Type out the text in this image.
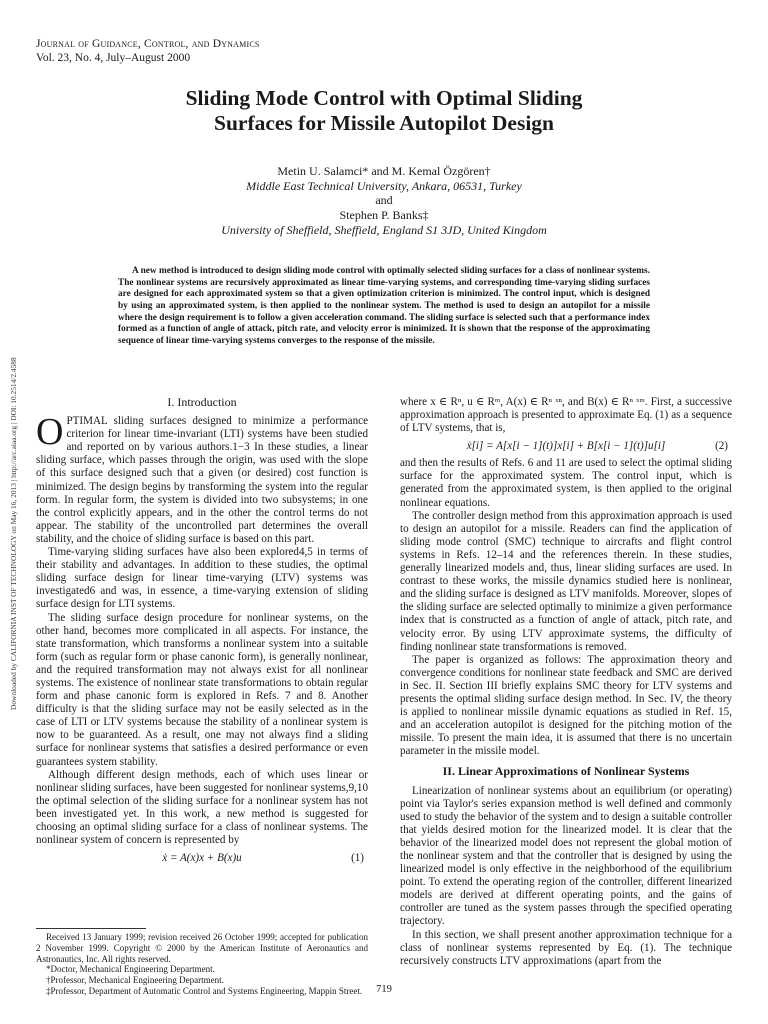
Journal of Guidance, Control, and Dynamics
Vol. 23, No. 4, July–August 2000
Sliding Mode Control with Optimal Sliding
Surfaces for Missile Autopilot Design
Metin U. Salamci* and M. Kemal Özgören†
Middle East Technical University, Ankara, 06531, Turkey
and
Stephen P. Banks‡
University of Sheffield, Sheffield, England S1 3JD, United Kingdom
A new method is introduced to design sliding mode control with optimally selected sliding surfaces for a class of nonlinear systems. The nonlinear systems are recursively approximated as linear time-varying systems, and corresponding time-varying sliding surfaces are designed for each approximated system so that a given optimization criterion is minimized. The control input, which is designed by using an approximated system, is then applied to the nonlinear system. The method is used to design an autopilot for a missile where the design requirement is to follow a given acceleration command. The sliding surface is selected such that a performance index formed as a function of angle of attack, pitch rate, and velocity error is minimized. It is shown that the response of the approximating sequence of linear time-varying systems converges to the response of the missile.
Downloaded by CALIFORNIA INST OF TECHNOLOGY on May 16, 2013 | http://arc.aiaa.org | DOI: 10.2514/2.4588	I. Introduction

OPTIMAL sliding surfaces designed to minimize a performance criterion for linear time-invariant (LTI) systems have been studied and reported on by various authors.1−3 In these studies, a linear sliding surface, which passes through the origin, was used with the slope of this surface designed such that a given (or desired) cost function is minimized. The design begins by transforming the system into the regular form. In regular form, the system is divided into two subsystems; in one the control explicitly appears, and in the other the control terms do not appear. The stability of the uncontrolled part determines the overall stability, and the choice of sliding surface is based on this part.

Time-varying sliding surfaces have also been explored4,5 in terms of their stability and advantages. In addition to these studies, the optimal sliding surface design for linear time-varying (LTV) systems was investigated6 and was, in essence, a time-varying extension of sliding surface design for LTI systems.

The sliding surface design procedure for nonlinear systems, on the other hand, becomes more complicated in all aspects. For instance, the state transformation, which transforms a nonlinear system into a suitable form (such as regular form or phase canonic form), is generally nonlinear, and the required transformation may not always exist for all nonlinear systems. The existence of nonlinear state transformations to obtain regular form and phase canonic form is explored in Refs. 7 and 8. Another difficulty is that the sliding surface may not be easily selected as in the case of LTI or LTV systems because the stability of a nonlinear system is now to be guaranteed. As a result, one may not always find a sliding surface for nonlinear systems that satisfies a desired performance or even guarantees system stability.

Although different design methods, each of which uses linear or nonlinear sliding surfaces, have been suggested for nonlinear systems,9,10 the optimal selection of the sliding surface for a nonlinear system has not been investigated yet. In this work, a new method is suggested for choosing an optimal sliding surface for a class of nonlinear systems. The nonlinear system of concern is represented by

ẋ = A(x)x + B(x)u	(1)

where x ∈ Rⁿ, u ∈ Rᵐ, A(x) ∈ Rⁿ ˣⁿ, and B(x) ∈ Rⁿ ˣᵐ. First, a successive approximation approach is presented to approximate Eq. (1) as a sequence of LTV systems, that is,

ẋ[i] = A[x[i − 1](t)]x[i] + B[x[i − 1](t)]u[i]	(2)

and then the results of Refs. 6 and 11 are used to select the optimal sliding surface for the approximated system. The control input, which is generated from the approximated system, is then applied to the original nonlinear equations.

The controller design method from this approximation approach is used to design an autopilot for a missile. Readers can find the application of sliding mode control (SMC) technique to aircrafts and flight control systems in Refs. 12–14 and the references therein. In these studies, generally linearized models and, thus, linear sliding surfaces are used. In contrast to these works, the missile dynamics studied here is nonlinear, and the sliding surface is designed as LTV manifolds. Moreover, slopes of the sliding surface are selected optimally to minimize a given performance index that is constructed as a function of angle of attack, pitch rate, and velocity error. By using LTV approximate systems, the difficulty of finding nonlinear state transformations is removed.

The paper is organized as follows: The approximation theory and convergence conditions for nonlinear state feedback and SMC are derived in Sec. II. Section III briefly explains SMC theory for LTV systems and presents the optimal sliding surface design method. In Sec. IV, the theory is applied to nonlinear missile dynamic equations as studied in Ref. 15, and an acceleration autopilot is designed for the pitching motion of the missile. To present the main idea, it is assumed that there is no uncertain parameter in the missile model.

II. Linear Approximations of Nonlinear Systems

Linearization of nonlinear systems about an equilibrium (or operating) point via Taylor's series expansion method is well defined and commonly used to study the behavior of the system and to design a suitable controller that yields desired motion for the linearized model. It is clear that the behavior of the linearized model does not represent the global motion of the nonlinear system and that the controller that is designed by using the linearized model is only effective in the neighborhood of the equilibrium point. To extend the operating region of the controller, different linearized models are derived at different operating points, and the gains of controller are tuned as the system passes through the specified operating trajectory.

In this section, we shall present another approximation technique for a class of nonlinear systems represented by Eq. (1). The technique recursively constructs LTV approximations (apart from the

Received 13 January 1999; revision received 26 October 1999; accepted for publication 2 November 1999. Copyright © 2000 by the American Institute of Aeronautics and Astronautics, Inc. All rights reserved.
*Doctor, Mechanical Engineering Department.
†Professor, Mechanical Engineering Department.
‡Professor, Department of Automatic Control and Systems Engineering, Mappin Street.	719
